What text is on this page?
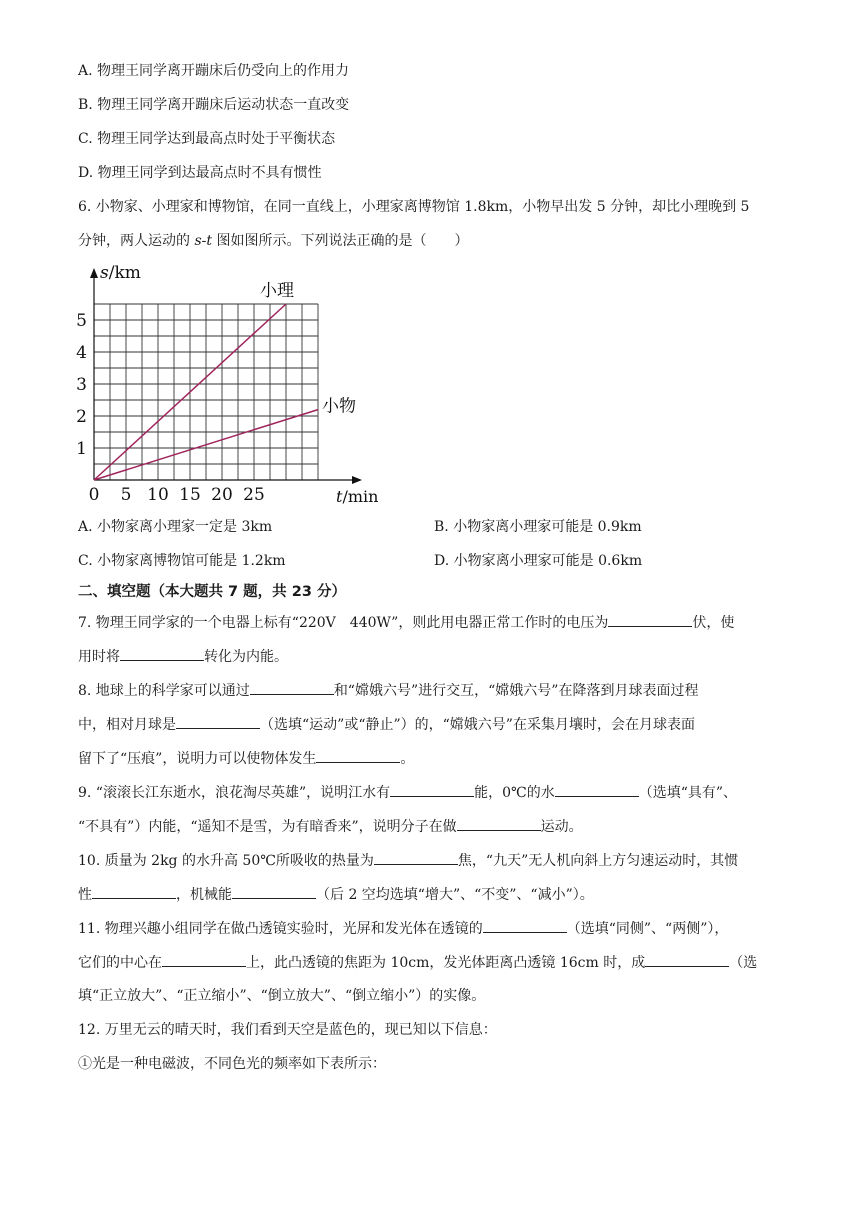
A. 物理王同学离开蹦床后仍受向上的作用力
B. 物理王同学离开蹦床后运动状态一直改变
C. 物理王同学达到最高点时处于平衡状态
D. 物理王同学到达最高点时不具有惯性
6. 小物家、小理家和博物馆，在同一直线上，小理家离博物馆 1.8km，小物早出发 5 分钟，却比小理晚到 5
分钟，两人运动的 s-t 图如图所示。下列说法正确的是（　　）
0 5 10 15 20 25
1
2
3
4
5
s/km
t/min
小理
小物
A. 小物家离小理家一定是 3km	B. 小物家离小理家可能是 0.9km
C. 小物家离博物馆可能是 1.2km	D. 小物家离小理家可能是 0.6km
二、填空题（本大题共 7 题，共 23 分）
7. 物理王同学家的一个电器上标有“220V　440W”，则此用电器正常工作时的电压为	伏，使
用时将	转化为内能。
8. 地球上的科学家可以通过	和“嫦娥六号”进行交互，“嫦娥六号”在降落到月球表面过程
中，相对月球是	（选填“运动”或“静止”）的，“嫦娥六号”在采集月壤时，会在月球表面
留下了“压痕”，说明力可以使物体发生	。
9. “滚滚长江东逝水，浪花淘尽英雄”，说明江水有	能，0℃的水	（选填“具有”、
“不具有”）内能，“遥知不是雪，为有暗香来”，说明分子在做	运动。
10. 质量为 2kg 的水升高 50℃所吸收的热量为	焦，“九天”无人机向斜上方匀速运动时，其惯
性	，机械能	（后 2 空均选填“增大”、“不变”、“减小”）。
11. 物理兴趣小组同学在做凸透镜实验时，光屏和发光体在透镜的	（选填“同侧”、“两侧”），
它们的中心在	上，此凸透镜的焦距为 10cm，发光体距离凸透镜 16cm 时，成	（选
填“正立放大”、“正立缩小”、“倒立放大”、“倒立缩小”）的实像。
12. 万里无云的晴天时，我们看到天空是蓝色的，现已知以下信息：
①光是一种电磁波，不同色光的频率如下表所示：
